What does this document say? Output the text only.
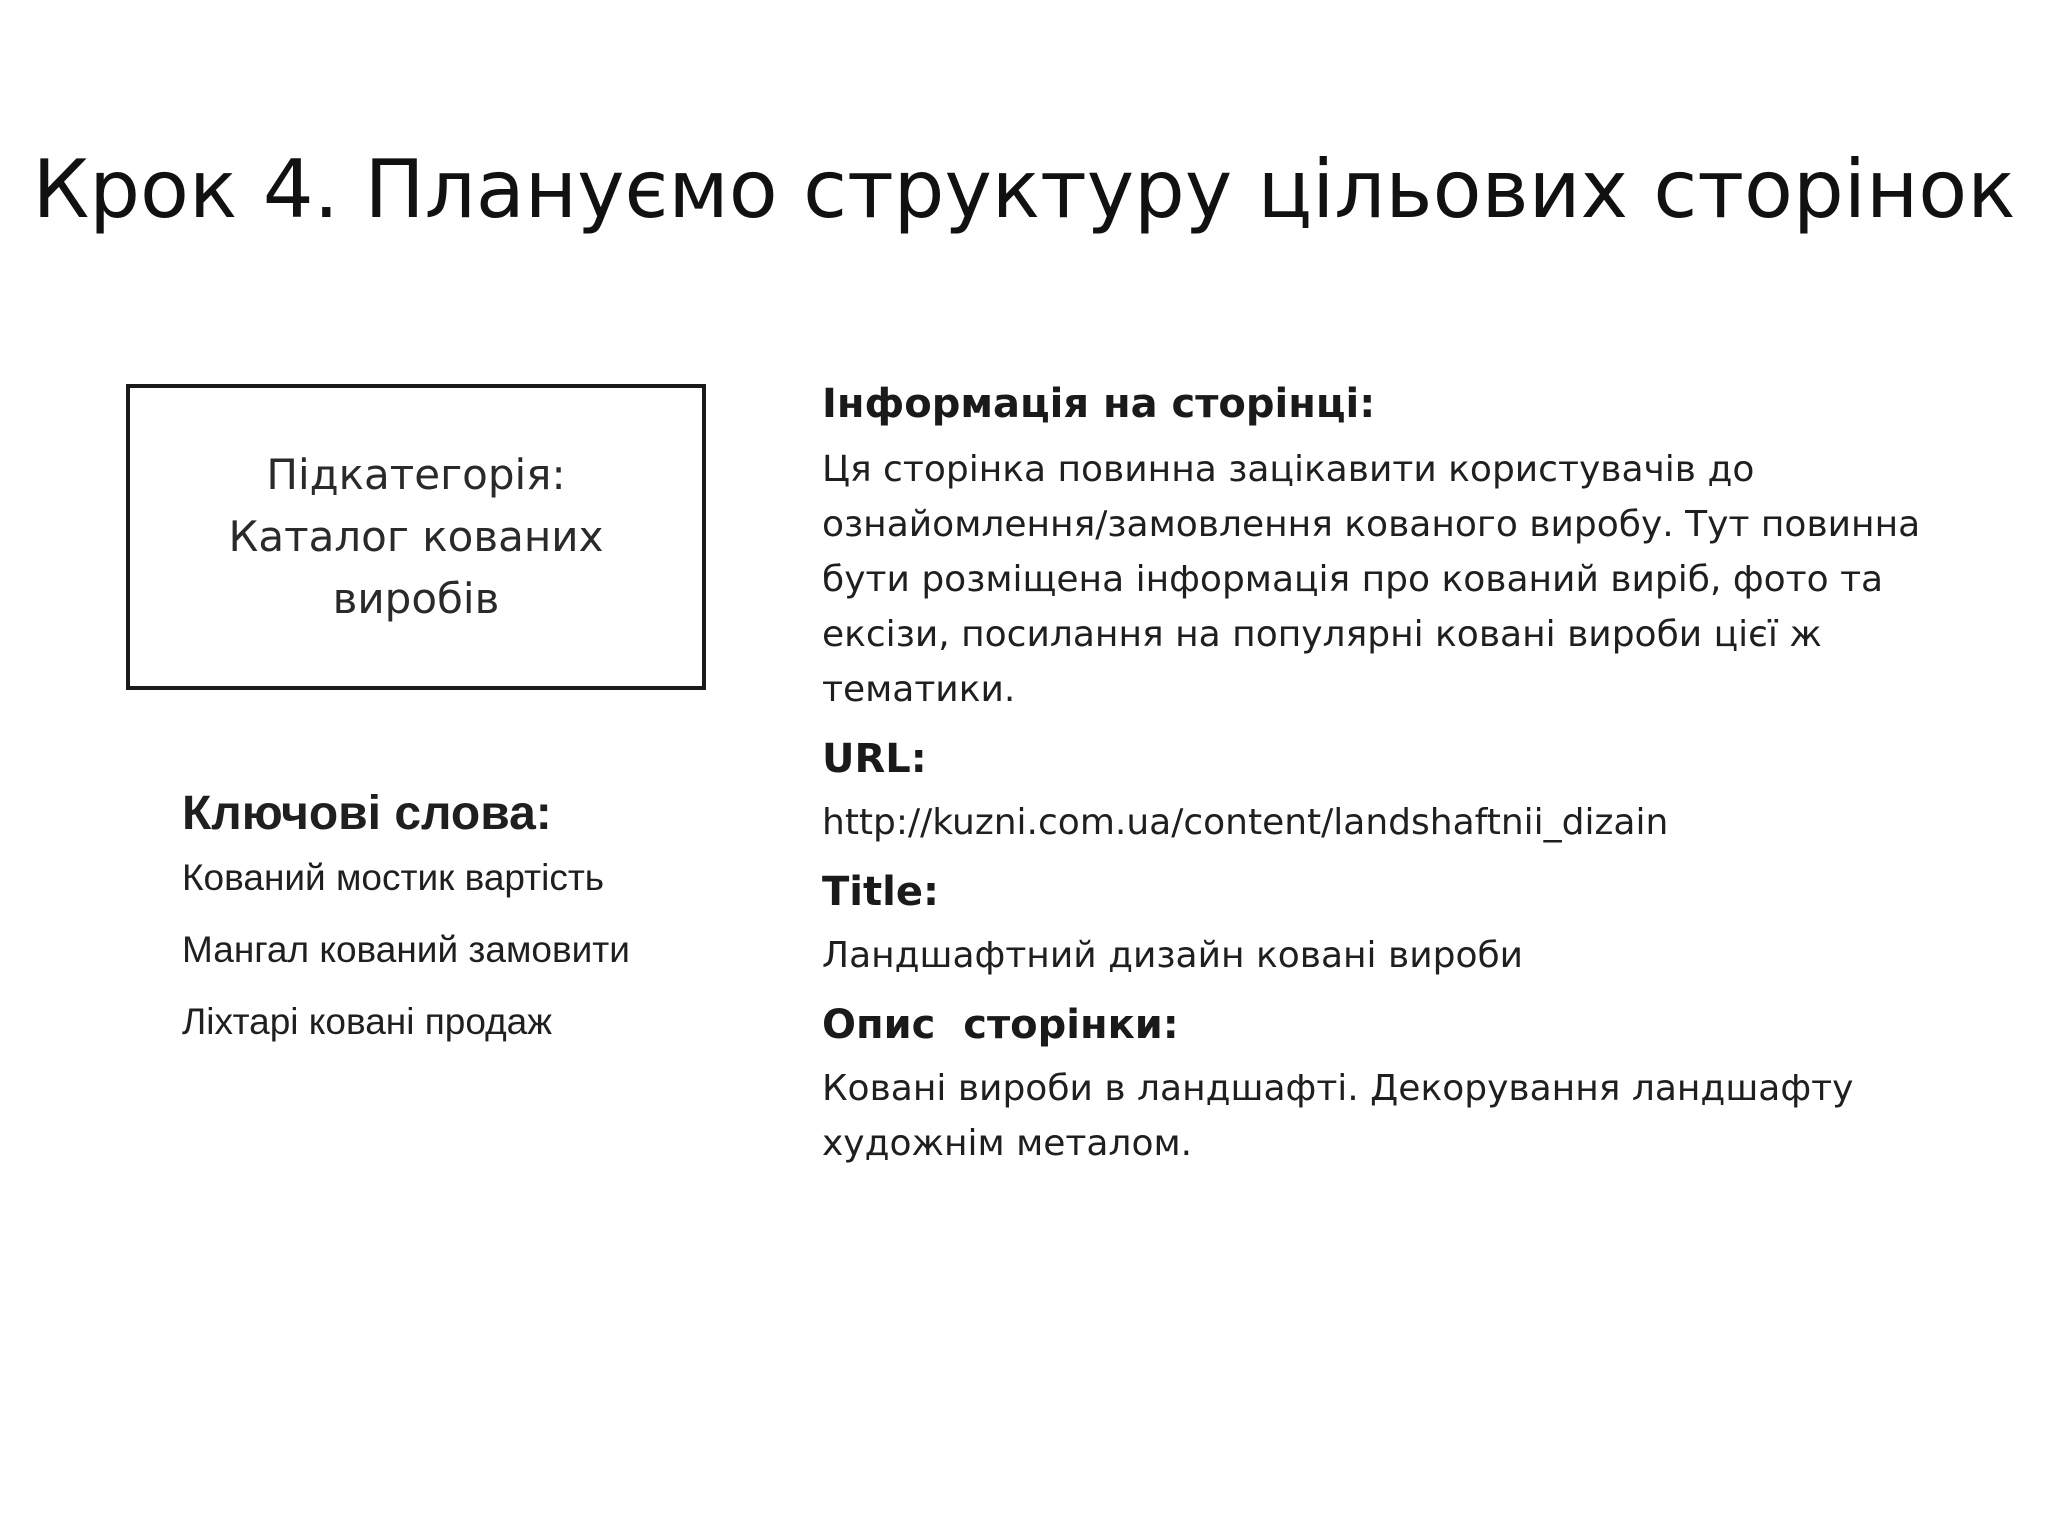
Крок 4. Плануємо структуру цільових сторінок
Підкатегорія:
Каталог кованих
виробів
Ключові слова:
Кований мостик вартість
Мангал кований замовити
Ліхтарі ковані продаж
Інформація на сторінці:
Ця сторінка повинна зацікавити користувачів до ознайомлення/замовлення кованого виробу. Тут повинна бути розміщена інформація про кований виріб, фото та ексізи, посилання на популярні ковані вироби цієї ж тематики.
URL:
http://kuzni.com.ua/content/landshaftnii_dizain
Title:
Ландшафтний дизайн ковані вироби
Опис  сторінки:
Ковані вироби в ландшафті. Декорування ландшафту художнім металом.
